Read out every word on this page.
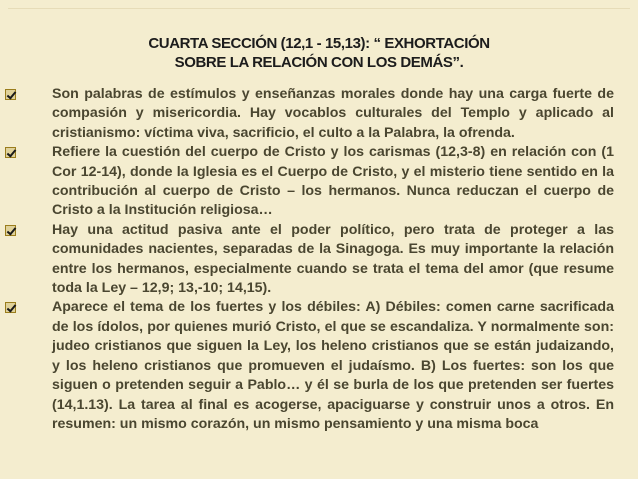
CUARTA SECCIÓN (12,1 - 15,13): “ EXHORTACIÓN
SOBRE LA RELACIÓN CON LOS DEMÁS”.
Son palabras de estímulos y enseñanzas morales donde hay una carga fuerte de compasión y misericordia. Hay vocablos culturales del Templo y aplicado al cristianismo: víctima viva, sacrificio, el culto a la Palabra, la ofrenda.
Refiere la cuestión del cuerpo de Cristo y los carismas (12,3-8) en relación con (1 Cor 12-14), donde la Iglesia es el Cuerpo de Cristo, y el misterio tiene sentido en la contribución al cuerpo de Cristo – los hermanos. Nunca reduczan el cuerpo de Cristo a la Institución religiosa…
Hay una actitud pasiva ante el poder político, pero trata de proteger a las comunidades nacientes, separadas de la Sinagoga. Es muy importante la relación entre los hermanos, especialmente cuando se trata el tema del amor (que resume toda la Ley – 12,9; 13,-10; 14,15).
Aparece el tema de los fuertes y los débiles: A) Débiles: comen carne sacrificada de los ídolos, por quienes murió Cristo, el que se escandaliza. Y normalmente son: judeo cristianos que siguen la Ley, los heleno cristianos que se están judaizando, y los heleno cristianos que promueven el judaísmo. B) Los fuertes: son los que siguen o pretenden seguir a Pablo… y él se burla de los que pretenden ser fuertes (14,1.13). La tarea al final es acogerse, apaciguarse y construir unos a otros. En resumen: un mismo corazón, un mismo pensamiento y una misma boca
